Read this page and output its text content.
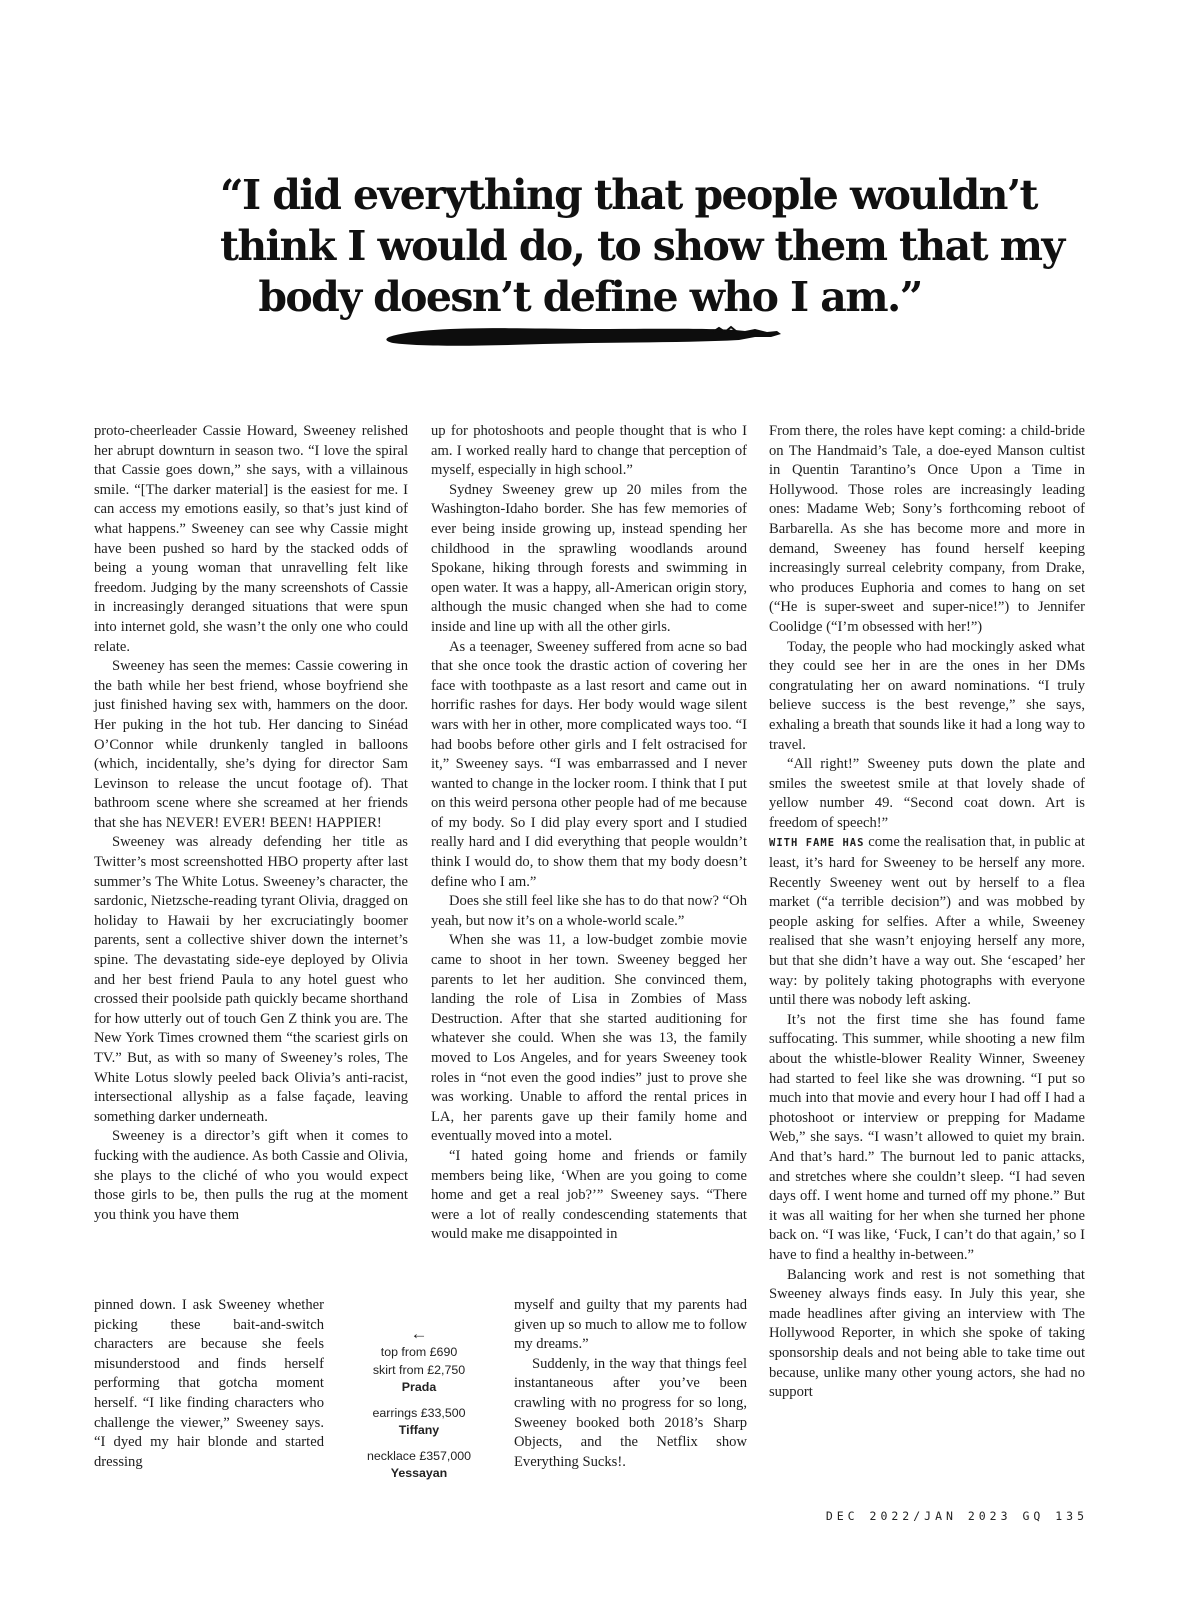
“I did everything that people wouldn’t
think I would do, to show them that my
body doesn’t define who I am.”

proto-cheerleader Cassie Howard, Sweeney relished her abrupt downturn in season two. “I love the spiral that Cassie goes down,” she says, with a villainous smile. “[The darker material] is the easiest for me. I can access my emotions easily, so that’s just kind of what happens.” Sweeney can see why Cassie might have been pushed so hard by the stacked odds of being a young woman that unravelling felt like freedom. Judging by the many screenshots of Cassie in increasingly deranged situations that were spun into internet gold, she wasn’t the only one who could relate.

Sweeney has seen the memes: Cassie cowering in the bath while her best friend, whose boyfriend she just finished having sex with, hammers on the door. Her puking in the hot tub. Her dancing to Sinéad O’Connor while drunkenly tangled in balloons (which, incidentally, she’s dying for director Sam Levinson to release the uncut footage of). That bathroom scene where she screamed at her friends that she has NEVER! EVER! BEEN! HAPPIER!

Sweeney was already defending her title as Twitter’s most screenshotted HBO property after last summer’s The White Lotus. Sweeney’s character, the sardonic, Nietzsche-reading tyrant Olivia, dragged on holiday to Hawaii by her excruciatingly boomer parents, sent a collective shiver down the internet’s spine. The devastating side-eye deployed by Olivia and her best friend Paula to any hotel guest who crossed their poolside path quickly became shorthand for how utterly out of touch Gen Z think you are. The New York Times crowned them “the scariest girls on TV.” But, as with so many of Sweeney’s roles, The White Lotus slowly peeled back Olivia’s anti-racist, intersectional allyship as a false façade, leaving something darker underneath.

Sweeney is a director’s gift when it comes to fucking with the audience. As both Cassie and Olivia, she plays to the cliché of who you would expect those girls to be, then pulls the rug at the moment you think you have them

pinned down. I ask Sweeney whether picking these bait-and-switch characters are because she feels misunderstood and finds herself performing that gotcha moment herself. “I like finding characters who challenge the viewer,” Sweeney says. “I dyed my hair blonde and started dressing

up for photoshoots and people thought that is who I am. I worked really hard to change that perception of myself, especially in high school.”

Sydney Sweeney grew up 20 miles from the Washington-Idaho border. She has few memories of ever being inside growing up, instead spending her childhood in the sprawling woodlands around Spokane, hiking through forests and swimming in open water. It was a happy, all-American origin story, although the music changed when she had to come inside and line up with all the other girls.

As a teenager, Sweeney suffered from acne so bad that she once took the drastic action of covering her face with toothpaste as a last resort and came out in horrific rashes for days. Her body would wage silent wars with her in other, more complicated ways too. “I had boobs before other girls and I felt ostracised for it,” Sweeney says. “I was embarrassed and I never wanted to change in the locker room. I think that I put on this weird persona other people had of me because of my body. So I did play every sport and I studied really hard and I did everything that people wouldn’t think I would do, to show them that my body doesn’t define who I am.”

Does she still feel like she has to do that now? “Oh yeah, but now it’s on a whole-world scale.”

When she was 11, a low-budget zombie movie came to shoot in her town. Sweeney begged her parents to let her audition. She convinced them, landing the role of Lisa in Zombies of Mass Destruction. After that she started auditioning for whatever she could. When she was 13, the family moved to Los Angeles, and for years Sweeney took roles in “not even the good indies” just to prove she was working. Unable to afford the rental prices in LA, her parents gave up their family home and eventually moved into a motel.

“I hated going home and friends or family members being like, ‘When are you going to come home and get a real job?’” Sweeney says. “There were a lot of really condescending statements that would make me disappointed in

myself and guilty that my parents had given up so much to allow me to follow my dreams.”

Suddenly, in the way that things feel instantaneous after you’ve been crawling with no progress for so long, Sweeney booked both 2018’s Sharp Objects, and the Netflix show Everything Sucks!.

←
top from £690
skirt from £2,750
Prada
earrings £33,500
Tiffany
necklace £357,000
Yessayan

From there, the roles have kept coming: a child-bride on The Handmaid’s Tale, a doe-eyed Manson cultist in Quentin Tarantino’s Once Upon a Time in Hollywood. Those roles are increasingly leading ones: Madame Web; Sony’s forthcoming reboot of Barbarella. As she has become more and more in demand, Sweeney has found herself keeping increasingly surreal celebrity company, from Drake, who produces Euphoria and comes to hang on set (“He is super-sweet and super-nice!”) to Jennifer Coolidge (“I’m obsessed with her!”)

Today, the people who had mockingly asked what they could see her in are the ones in her DMs congratulating her on award nominations. “I truly believe success is the best revenge,” she says, exhaling a breath that sounds like it had a long way to travel.

“All right!” Sweeney puts down the plate and smiles the sweetest smile at that lovely shade of yellow number 49. “Second coat down. Art is freedom of speech!”

WITH FAME HAS come the realisation that, in public at least, it’s hard for Sweeney to be herself any more. Recently Sweeney went out by herself to a flea market (“a terrible decision”) and was mobbed by people asking for selfies. After a while, Sweeney realised that she wasn’t enjoying herself any more, but that she didn’t have a way out. She ‘escaped’ her way: by politely taking photographs with everyone until there was nobody left asking.

It’s not the first time she has found fame suffocating. This summer, while shooting a new film about the whistle-blower Reality Winner, Sweeney had started to feel like she was drowning. “I put so much into that movie and every hour I had off I had a photoshoot or interview or prepping for Madame Web,” she says. “I wasn’t allowed to quiet my brain. And that’s hard.” The burnout led to panic attacks, and stretches where she couldn’t sleep. “I had seven days off. I went home and turned off my phone.” But it was all waiting for her when she turned her phone back on. “I was like, ‘Fuck, I can’t do that again,’ so I have to find a healthy in-between.”

Balancing work and rest is not something that Sweeney always finds easy. In July this year, she made headlines after giving an interview with The Hollywood Reporter, in which she spoke of taking sponsorship deals and not being able to take time out because, unlike many other young actors, she had no support

DEC 2022/JAN 2023 GQ 135
